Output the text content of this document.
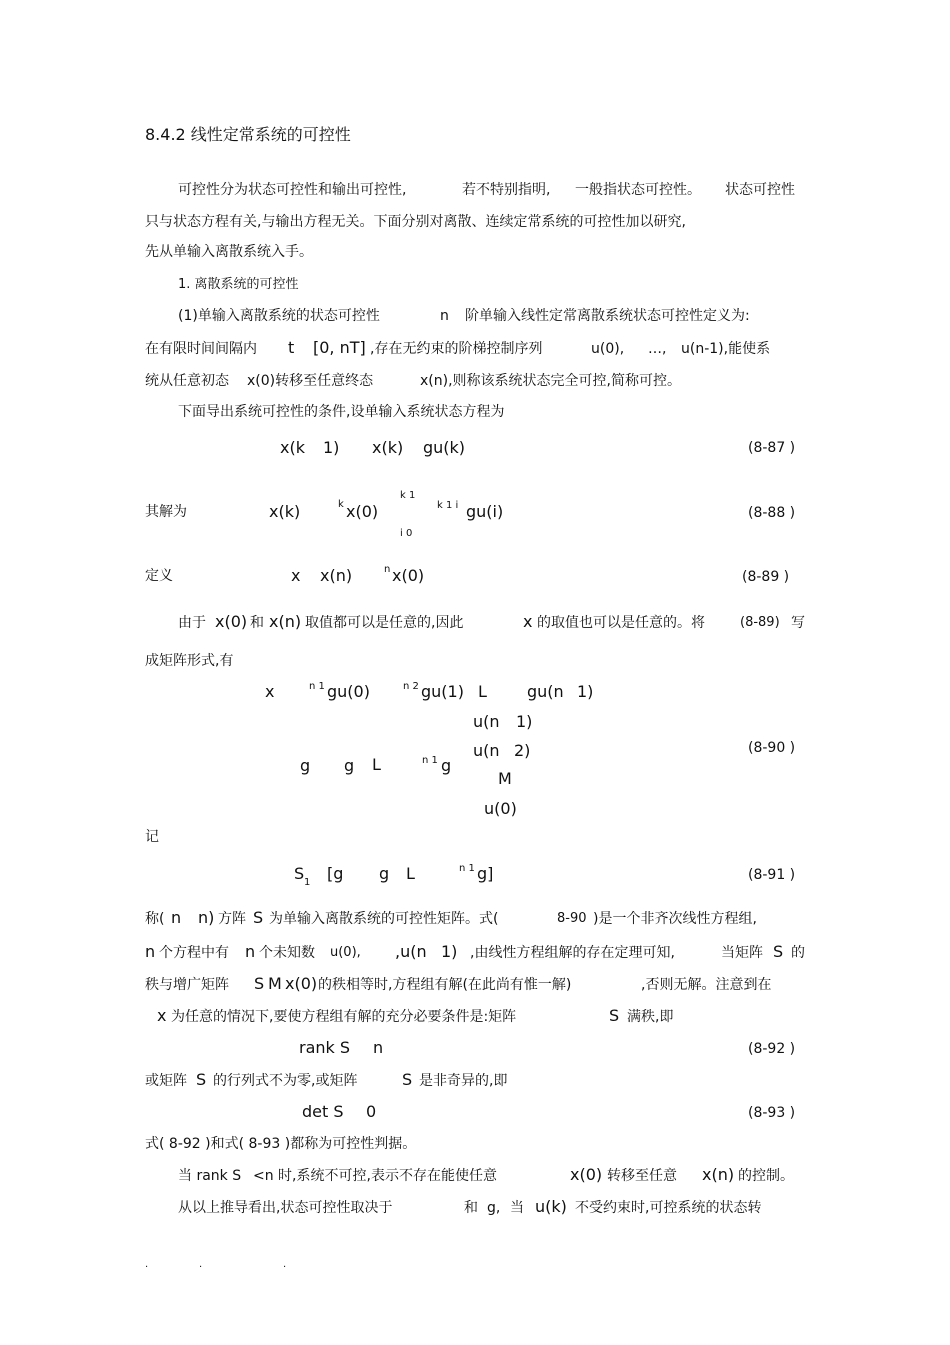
8.4.2 线性定常系统的可控性
可控性分为状态可控性和输出可控性,	若不特别指明, 一般指状态可控性。 状态可控性
只与状态方程有关,与输出方程无关。下面分别对离散、连续定常系统的可控性加以研究,
先从单输入离散系统入手。
1. 离散系统的可控性
(1)单输入离散系统的状态可控性	n 阶单输入线性定常离散系统状态可控性定义为:
在有限时间间隔内 t [0, nT] ,存在无约束的阶梯控制序列	u(0), …, u(n-1),能使系
统从任意初态 x(0)转移至任意终态	x(n),则称该系统状态完全可控,简称可控。
下面导出系统可控性的条件,设单输入系统状态方程为
x(k 1) x(k) gu(k)	(8-87 )
其解为	x(k)	k x(0)
k 1
i 0
k 1 i gu(i)	(8-88 )
定义	x x(n)	n x(0)	(8-89 )
由于 x(0) 和 x(n) 取值都可以是任意的,因此	x 的取值也可以是任意的。将	(8-89) 写
成矩阵形式,有
x	n 1 gu(0)	n 2 gu(1) L	gu(n 1)
u(n 1)
u(n 2)
g g L	n 1 g
M
u(0)
(8-90 )
记
S 1 [g g L	n 1 g]	(8-91 )
称( n n) 方阵 S 为单输入离散系统的可控性矩阵。式(	8-90 )是一个非齐次线性方程组,
n 个方程中有 n 个未知数 u(0), ,u(n 1) ,由线性方程组解的存在定理可知,	当矩阵 S 的
秩与增广矩阵 S M x(0) 的秩相等时,方程组有解(在此尚有惟一解)	,否则无解。注意到在
x 为任意的情况下,要使方程组有解的充分必要条件是:矩阵	S 满秩,即
rank S n	(8-92 )
或矩阵 S 的行列式不为零,或矩阵	S 是非奇异的,即
det S 0	(8-93 )
式( 8-92 )和式( 8-93 )都称为可控性判据。
当 rank S <n 时,系统不可控,表示不存在能使任意	x(0) 转移至任意 x(n) 的控制。
从以上推导看出,状态可控性取决于	和 g, 当 u(k) 不受约束时,可控系统的状态转
.	.	.
